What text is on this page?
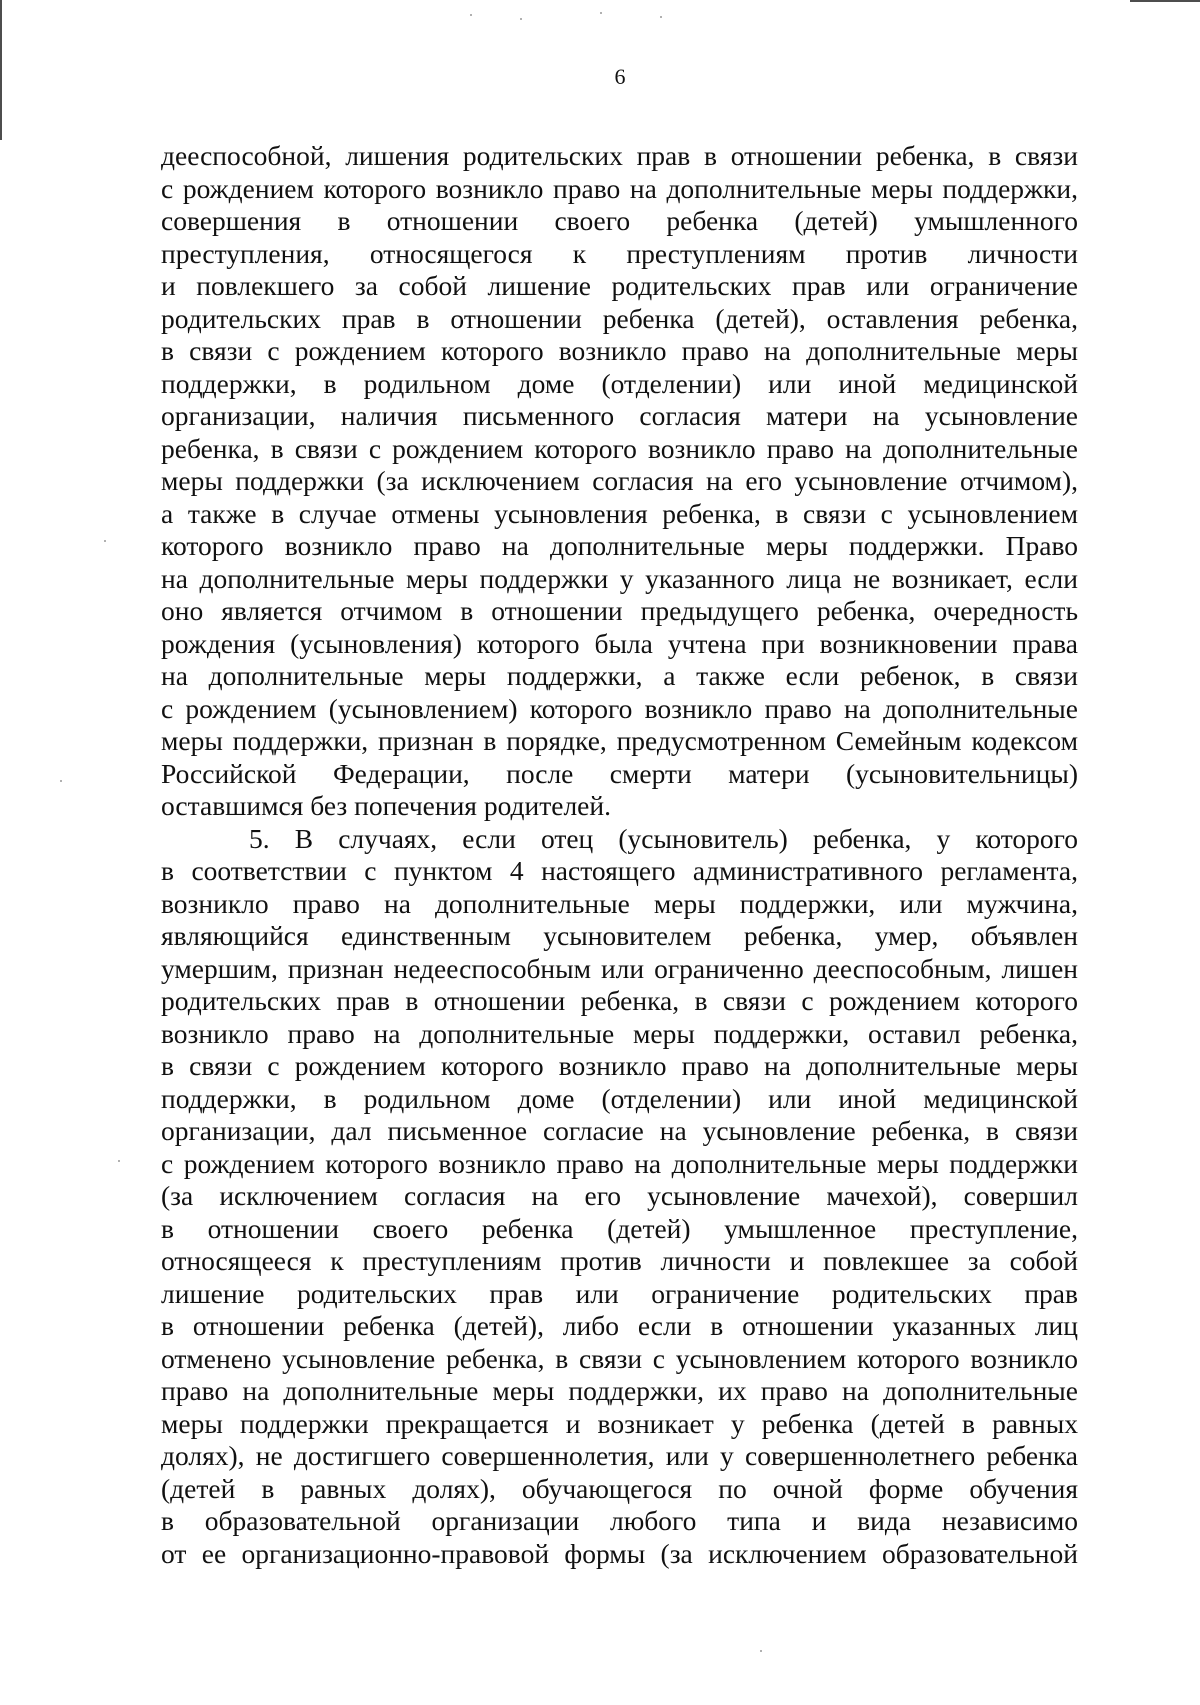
6
дееспособной, лишения родительских прав в отношении ребенка, в связи
с рождением которого возникло право на дополнительные меры поддержки,
совершения в отношении своего ребенка (детей) умышленного
преступления, относящегося к преступлениям против личности
и повлекшего за собой лишение родительских прав или ограничение
родительских прав в отношении ребенка (детей), оставления ребенка,
в связи с рождением которого возникло право на дополнительные меры
поддержки, в родильном доме (отделении) или иной медицинской
организации, наличия письменного согласия матери на усыновление
ребенка, в связи с рождением которого возникло право на дополнительные
меры поддержки (за исключением согласия на его усыновление отчимом),
а также в случае отмены усыновления ребенка, в связи с усыновлением
которого возникло право на дополнительные меры поддержки. Право
на дополнительные меры поддержки у указанного лица не возникает, если
оно является отчимом в отношении предыдущего ребенка, очередность
рождения (усыновления) которого была учтена при возникновении права
на дополнительные меры поддержки, а также если ребенок, в связи
с рождением (усыновлением) которого возникло право на дополнительные
меры поддержки, признан в порядке, предусмотренном Семейным кодексом
Российской Федерации, после смерти матери (усыновительницы)
оставшимся без попечения родителей.
5. В случаях, если отец (усыновитель) ребенка, у которого
в соответствии с пунктом 4 настоящего административного регламента,
возникло право на дополнительные меры поддержки, или мужчина,
являющийся единственным усыновителем ребенка, умер, объявлен
умершим, признан недееспособным или ограниченно дееспособным, лишен
родительских прав в отношении ребенка, в связи с рождением которого
возникло право на дополнительные меры поддержки, оставил ребенка,
в связи с рождением которого возникло право на дополнительные меры
поддержки, в родильном доме (отделении) или иной медицинской
организации, дал письменное согласие на усыновление ребенка, в связи
с рождением которого возникло право на дополнительные меры поддержки
(за исключением согласия на его усыновление мачехой), совершил
в отношении своего ребенка (детей) умышленное преступление,
относящееся к преступлениям против личности и повлекшее за собой
лишение родительских прав или ограничение родительских прав
в отношении ребенка (детей), либо если в отношении указанных лиц
отменено усыновление ребенка, в связи с усыновлением которого возникло
право на дополнительные меры поддержки, их право на дополнительные
меры поддержки прекращается и возникает у ребенка (детей в равных
долях), не достигшего совершеннолетия, или у совершеннолетнего ребенка
(детей в равных долях), обучающегося по очной форме обучения
в образовательной организации любого типа и вида независимо
от ее организационно-правовой формы (за исключением образовательной
